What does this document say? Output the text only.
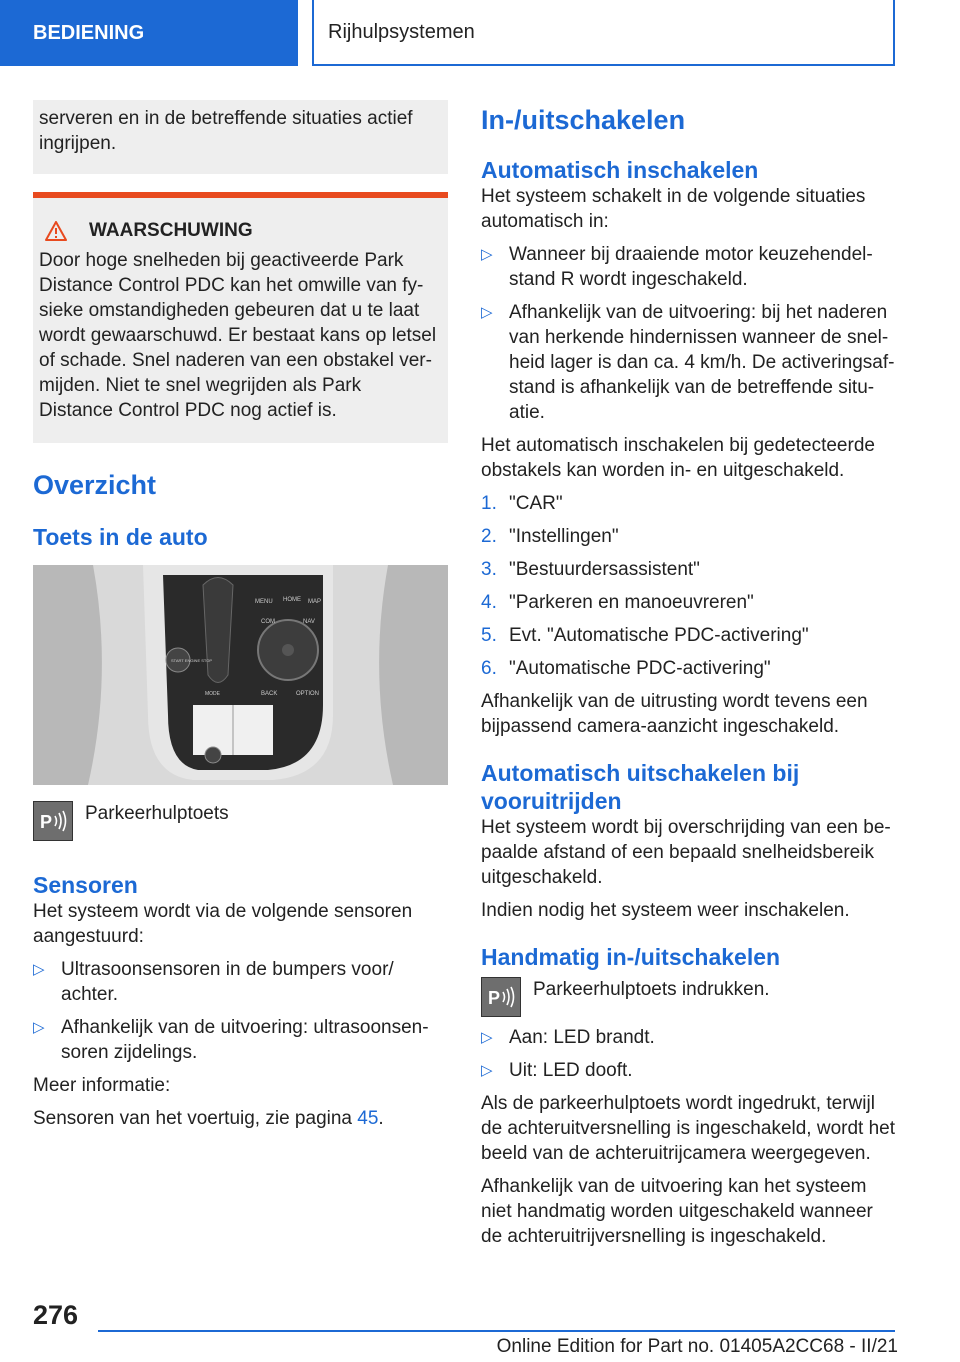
BEDIENING	Rijhulpsystemen

serveren en in de betreffende situaties actief ingrijpen.

WAARSCHUWING

Door hoge snelheden bij geactiveerde Park Distance Control PDC kan het omwille van fysieke omstandigheden gebeuren dat u te laat wordt gewaarschuwd. Er bestaat kans op letsel of schade. Snel naderen van een obstakel vermijden. Niet te snel wegrijden als Park Distance Control PDC nog actief is.

Overzicht
Toets in de auto
MENU HOME MAP
COM	NAV
BACK	OPTION
START ENGINE STOP
MODE
P Parkeerhulptoets

Sensoren

Het systeem wordt via de volgende sensoren aangestuurd:

▷ Ultrasoonsensoren in de bumpers voor/ achter.
▷ Afhankelijk van de uitvoering: ultrasoonsensoren zijdelings.

Meer informatie:

Sensoren van het voertuig, zie pagina 45.

In-/uitschakelen
Automatisch inschakelen

Het systeem schakelt in de volgende situaties automatisch in:

▷ Wanneer bij draaiende motor keuzehendelstand R wordt ingeschakeld.
▷ Afhankelijk van de uitvoering: bij het naderen van herkende hindernissen wanneer de snelheid lager is dan ca. 4 km/h. De activeringsafstand is afhankelijk van de betreffende situatie.

Het automatisch inschakelen bij gedetecteerde obstakels kan worden in- en uitgeschakeld.

1. "CAR"
2. "Instellingen"
3. "Bestuurdersassistent"
4. "Parkeren en manoeuvreren"
5. Evt. "Automatische PDC-activering"
6. "Automatische PDC-activering"

Afhankelijk van de uitrusting wordt tevens een bijpassend camera-aanzicht ingeschakeld.

Automatisch uitschakelen bij vooruitrijden

Het systeem wordt bij overschrijding van een bepaalde afstand of een bepaald snelheidsbereik uitgeschakeld.

Indien nodig het systeem weer inschakelen.

Handmatig in-/uitschakelen
P Parkeerhulptoets indrukken.

▷ Aan: LED brandt.
▷ Uit: LED dooft.

Als de parkeerhulptoets wordt ingedrukt, terwijl de achteruitversnelling is ingeschakeld, wordt het beeld van de achteruitrijcamera weergegeven.

Afhankelijk van de uitvoering kan het systeem niet handmatig worden uitgeschakeld wanneer de achteruitrijversnelling is ingeschakeld.

276
Online Edition for Part no. 01405A2CC68 - II/21
